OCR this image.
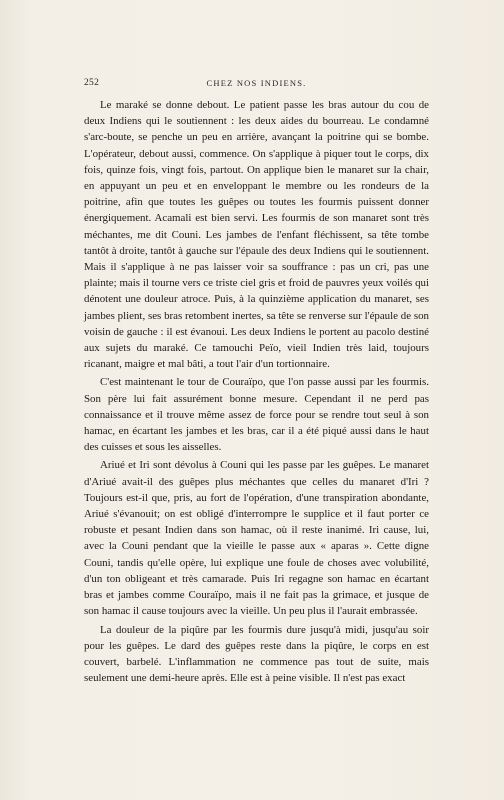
252	CHEZ NOS INDIENS.

Le maraké se donne debout. Le patient passe les bras autour du cou de deux Indiens qui le soutiennent : les deux aides du bourreau. Le condamné s'arc-boute, se penche un peu en arrière, avançant la poitrine qui se bombe. L'opérateur, debout aussi, commence. On s'applique à piquer tout le corps, dix fois, quinze fois, vingt fois, partout. On applique bien le manaret sur la chair, en appuyant un peu et en enveloppant le membre ou les rondeurs de la poitrine, afin que toutes les guêpes ou toutes les fourmis puissent donner énergiquement. Acamali est bien servi. Les fourmis de son manaret sont très méchantes, me dit Couni. Les jambes de l'enfant fléchissent, sa tête tombe tantôt à droite, tantôt à gauche sur l'épaule des deux Indiens qui le soutiennent. Mais il s'applique à ne pas laisser voir sa souffrance : pas un cri, pas une plainte; mais il tourne vers ce triste ciel gris et froid de pauvres yeux voilés qui dénotent une douleur atroce. Puis, à la quinzième application du manaret, ses jambes plient, ses bras retombent inertes, sa tête se renverse sur l'épaule de son voisin de gauche : il est évanoui. Les deux Indiens le portent au pacolo destiné aux sujets du maraké. Ce tamouchi Peïo, vieil Indien très laid, toujours ricanant, maigre et mal bâti, a tout l'air d'un tortionnaire.

C'est maintenant le tour de Couraïpo, que l'on passe aussi par les fourmis. Son père lui fait assurément bonne mesure. Cependant il ne perd pas connaissance et il trouve même assez de force pour se rendre tout seul à son hamac, en écartant les jambes et les bras, car il a été piqué aussi dans le haut des cuisses et sous les aisselles.

Ariué et Iri sont dévolus à Couni qui les passe par les guêpes. Le manaret d'Ariué avait-il des guêpes plus méchantes que celles du manaret d'Iri ? Toujours est-il que, pris, au fort de l'opération, d'une transpiration abondante, Ariué s'évanouit; on est obligé d'interrompre le supplice et il faut porter ce robuste et pesant Indien dans son hamac, où il reste inanimé. Iri cause, lui, avec la Couni pendant que la vieille le passe aux « aparas ». Cette digne Couni, tandis qu'elle opère, lui explique une foule de choses avec volubilité, d'un ton obligeant et très camarade. Puis Iri regagne son hamac en écartant bras et jambes comme Couraïpo, mais il ne fait pas la grimace, et jusque de son hamac il cause toujours avec la vieille. Un peu plus il l'aurait embrassée.

La douleur de la piqûre par les fourmis dure jusqu'à midi, jusqu'au soir pour les guêpes. Le dard des guêpes reste dans la piqûre, le corps en est couvert, barbelé. L'inflammation ne commence pas tout de suite, mais seulement une demi-heure après. Elle est à peine visible. Il n'est pas exact
